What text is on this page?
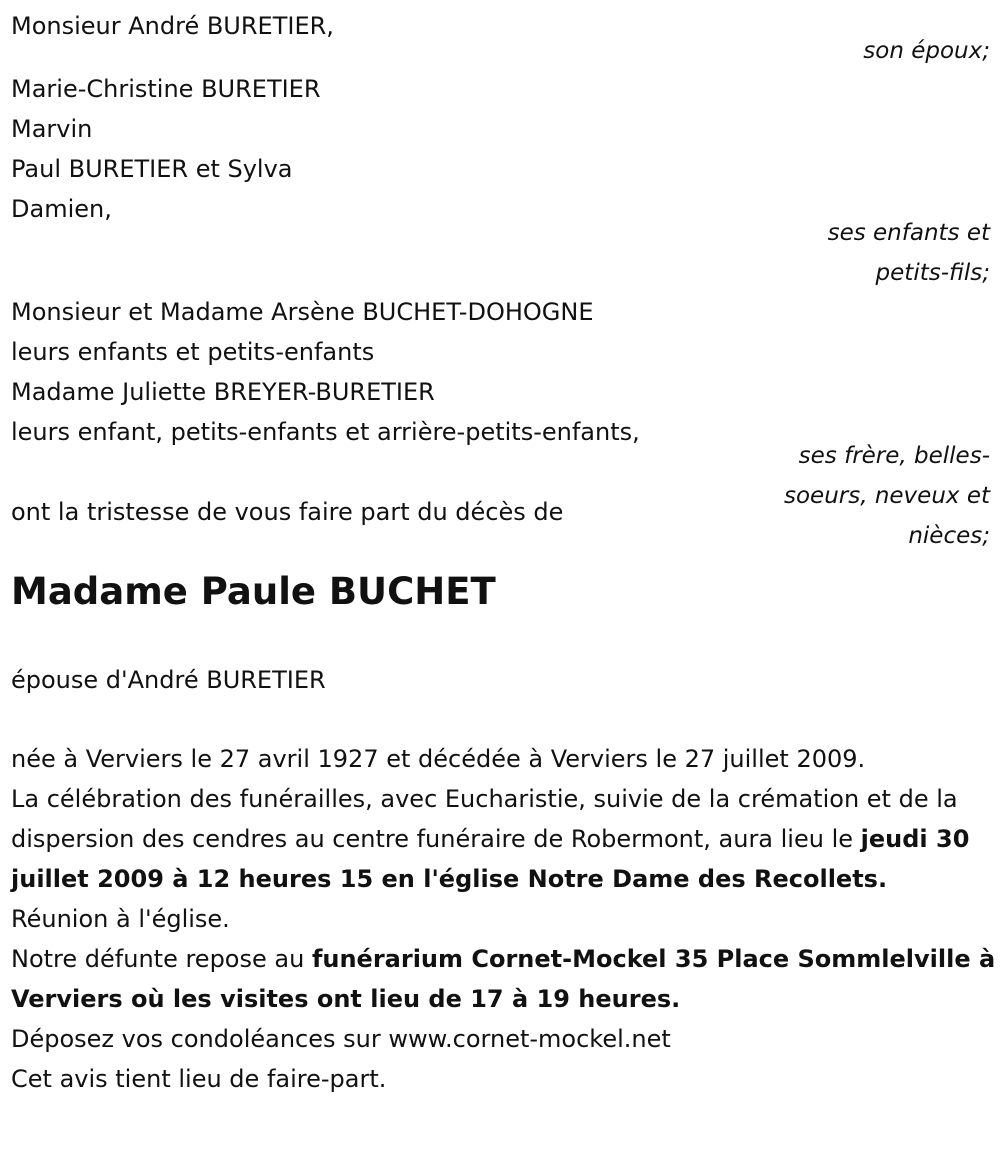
Monsieur André BURETIER,

son époux;

Marie-Christine BURETIER

Marvin

Paul BURETIER et Sylva

Damien,

ses enfants et

petits-fils;

Monsieur et Madame Arsène BUCHET-DOHOGNE

leurs enfants et petits-enfants

Madame Juliette BREYER-BURETIER

leurs enfant, petits-enfants et arrière-petits-enfants,

ses frère, belles-

soeurs, neveux et

nièces;

ont la tristesse de vous faire part du décès de

Madame Paule BUCHET

épouse d'André BURETIER

née à Verviers le 27 avril 1927 et décédée à Verviers le 27 juillet 2009.
La célébration des funérailles, avec Eucharistie, suivie de la crémation et de la dispersion des cendres au centre funéraire de Robermont, aura lieu le jeudi 30 juillet 2009 à 12 heures 15 en l'église Notre Dame des Recollets.
Réunion à l'église.
Notre défunte repose au funérarium Cornet-Mockel 35 Place Sommlelville à Verviers où les visites ont lieu de 17 à 19 heures.
Déposez vos condoléances sur www.cornet-mockel.net
Cet avis tient lieu de faire-part.
